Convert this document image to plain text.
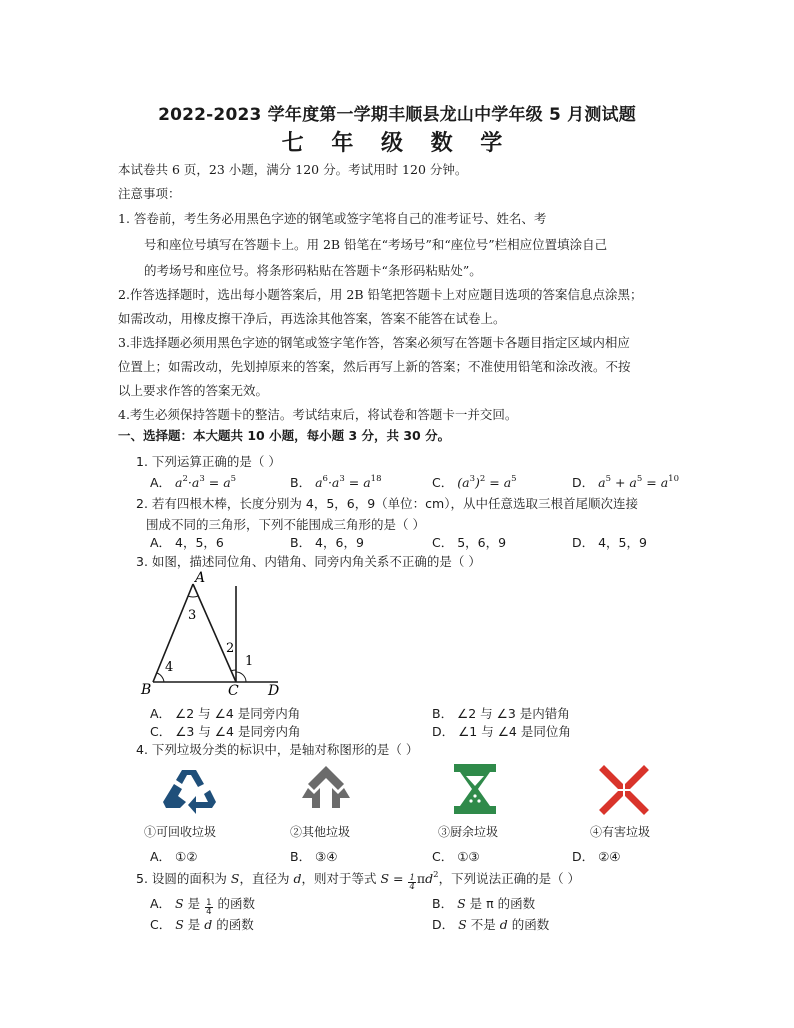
2022-2023 学年度第一学期丰顺县龙山中学年级 5 月测试题
七 年 级 数 学
本试卷共 6 页，23 小题，满分 120 分。考试用时 120 分钟。
注意事项：
1. 答卷前，考生务必用黑色字迹的钢笔或签字笔将自己的准考证号、姓名、考
号和座位号填写在答题卡上。用 2B 铅笔在“考场号”和“座位号”栏相应位置填涂自己
的考场号和座位号。将条形码粘贴在答题卡“条形码粘贴处”。
2.作答选择题时，选出每小题答案后，用 2B 铅笔把答题卡上对应题目选项的答案信息点涂黑；
如需改动，用橡皮擦干净后，再选涂其他答案，答案不能答在试卷上。
3.非选择题必须用黑色字迹的钢笔或签字笔作答，答案必须写在答题卡各题目指定区域内相应
位置上；如需改动，先划掉原来的答案，然后再写上新的答案；不准使用铅笔和涂改液。不按
以上要求作答的答案无效。
4.考生必须保持答题卡的整洁。考试结束后，将试卷和答题卡一并交回。
一、选择题：本大题共 10 小题，每小题 3 分，共 30 分。
1. 下列运算正确的是（ ）
A． $a^2\cdot a^3 = a^5$	B． $a^6\cdot a^3 = a^{18}$	C． $(a^3)^2 = a^5$	D． $a^5 + a^5 = a^{10}$
2. 若有四根木棒，长度分别为 4，5，6，9（单位：cm），从中任意选取三根首尾顺次连接
围成不同的三角形，下列不能围成三角形的是（ ）
A． 4，5，6	B． 4，6，9	C． 5，6，9	D． 4，5，9
3. 如图，描述同位角、内错角、同旁内角关系不正确的是（ ）
A
B	C D
1
2
3
4
A． ∠2 与 ∠4 是同旁内角	B． ∠2 与 ∠3 是内错角
C． ∠3 与 ∠4 是同旁内角	D． ∠1 与 ∠4 是同位角
4. 下列垃圾分类的标识中，是轴对称图形的是（ ）
①可回收垃圾	②其他垃圾	③厨余垃圾	④有害垃圾
A． ①②	B． ③④	C． ①③	D． ②④
5. 设圆的面积为 S，直径为 d，则对于等式 $S = \frac{1}{4} \pi d^2$，下列说法正确的是（ ）
A． S 是 $\frac{1}{4}$ 的函数	B． S 是 π 的函数
C． S 是 d 的函数	D． S 不是 d 的函数
